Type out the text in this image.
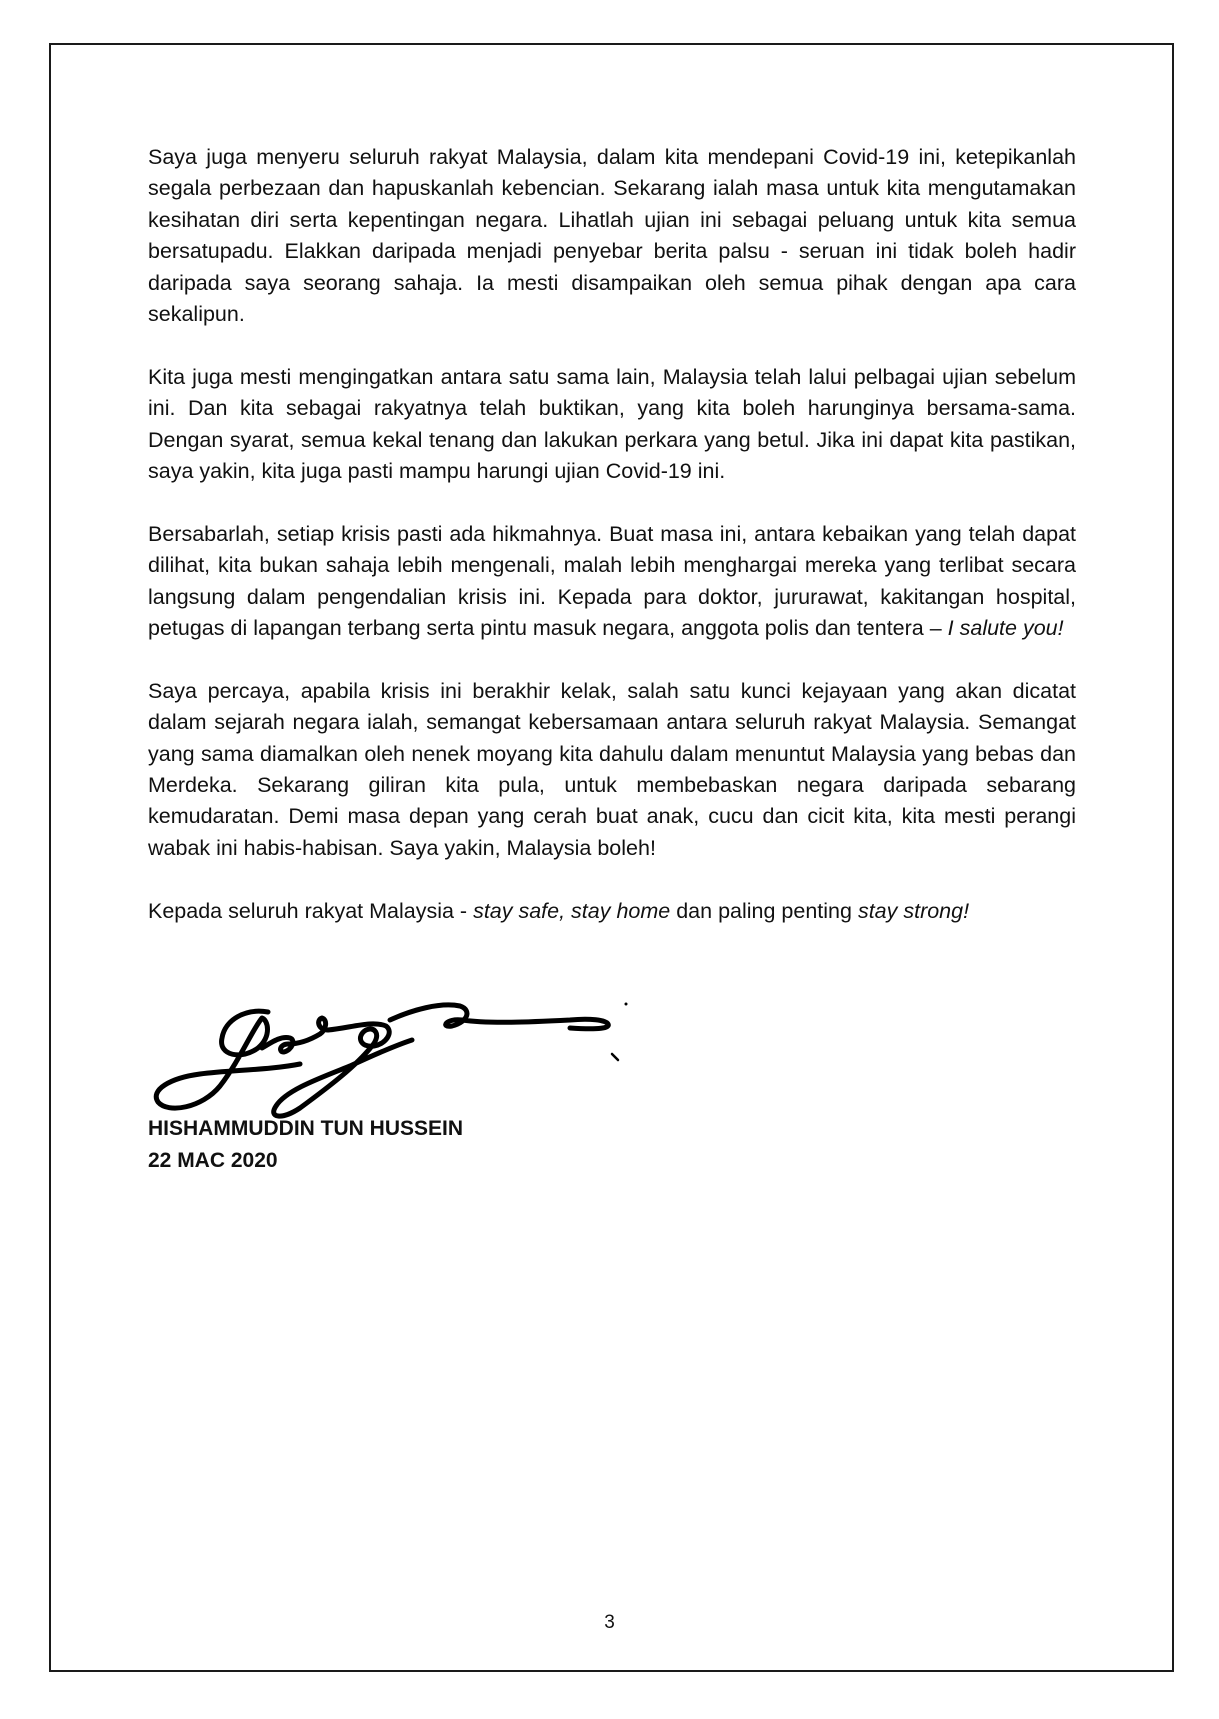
Saya juga menyeru seluruh rakyat Malaysia, dalam kita mendepani Covid-19 ini, ketepikanlah segala perbezaan dan hapuskanlah kebencian. Sekarang ialah masa untuk kita mengutamakan kesihatan diri serta kepentingan negara. Lihatlah ujian ini sebagai peluang untuk kita semua bersatupadu. Elakkan daripada menjadi penyebar berita palsu - seruan ini tidak boleh hadir daripada saya seorang sahaja. Ia mesti disampaikan oleh semua pihak dengan apa cara sekalipun.

Kita juga mesti mengingatkan antara satu sama lain, Malaysia telah lalui pelbagai ujian sebelum ini. Dan kita sebagai rakyatnya telah buktikan, yang kita boleh harunginya bersama-sama. Dengan syarat, semua kekal tenang dan lakukan perkara yang betul. Jika ini dapat kita pastikan, saya yakin, kita juga pasti mampu harungi ujian Covid-19 ini.

Bersabarlah, setiap krisis pasti ada hikmahnya. Buat masa ini, antara kebaikan yang telah dapat dilihat, kita bukan sahaja lebih mengenali, malah lebih menghargai mereka yang terlibat secara langsung dalam pengendalian krisis ini. Kepada para doktor, jururawat, kakitangan hospital, petugas di lapangan terbang serta pintu masuk negara, anggota polis dan tentera – I salute you!

Saya percaya, apabila krisis ini berakhir kelak, salah satu kunci kejayaan yang akan dicatat dalam sejarah negara ialah, semangat kebersamaan antara seluruh rakyat Malaysia. Semangat yang sama diamalkan oleh nenek moyang kita dahulu dalam menuntut Malaysia yang bebas dan Merdeka. Sekarang giliran kita pula, untuk membebaskan negara daripada sebarang kemudaratan. Demi masa depan yang cerah buat anak, cucu dan cicit kita, kita mesti perangi wabak ini habis-habisan. Saya yakin, Malaysia boleh!

Kepada seluruh rakyat Malaysia - stay safe, stay home dan paling penting stay strong!

HISHAMMUDDIN TUN HUSSEIN
22 MAC 2020
3
